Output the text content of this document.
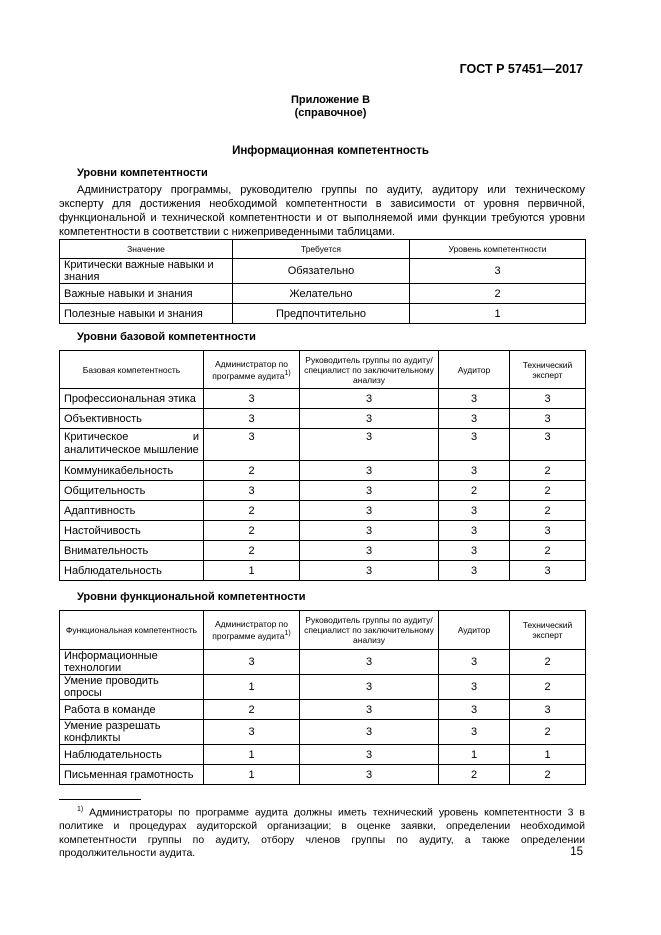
ГОСТ Р 57451—2017
Приложение В
(справочное)
Информационная компетентность
Уровни компетентности
Администратору программы, руководителю группы по аудиту, аудитору или техническому эксперту для достижения необходимой компетентности в зависимости от уровня первичной, функциональной и технической компетентности и от выполняемой ими функции требуются уровни компетентности в соответствии с нижеприведенными таблицами.
Значение	Требуется	Уровень компетентности
Критически важные навыки и знания	Обязательно	3
Важные навыки и знания	Желательно	2
Полезные навыки и знания	Предпочтительно	1
Уровни базовой компетентности
Базовая компетентность	Администратор по программе аудита$^{1)}$	Руководитель группы по аудиту/специалист по заключительному анализу	Аудитор	Технический эксперт
Профессиональная этика	3	3	3	3
Объективность	3	3	3	3
Критическое и аналитическое мышление	3	3	3	3
Коммуникабельность	2	3	3	2
Общительность	3	3	2	2
Адаптивность	2	3	3	2
Настойчивость	2	3	3	3
Внимательность	2	3	3	2
Наблюдательность	1	3	3	3
Уровни функциональной компетентности
Функциональная компетентность	Администратор по программе аудита$^{1)}$	Руководитель группы по аудиту/специалист по заключительному анализу	Аудитор	Технический эксперт
Информационные технологии	3	3	3	2
Умение проводить опросы	1	3	3	2
Работа в команде	2	3	3	3
Умение разрешать конфликты	3	3	3	2
Наблюдательность	1	3	1	1
Письменная грамотность	1	3	2	2
$^{1)}$ Администраторы по программе аудита должны иметь технический уровень компетентности 3 в политике и процедурах аудиторской организации; в оценке заявки, определении необходимой компетентности группы по аудиту, отбору членов группы по аудиту, а также определении продолжительности аудита.	15
